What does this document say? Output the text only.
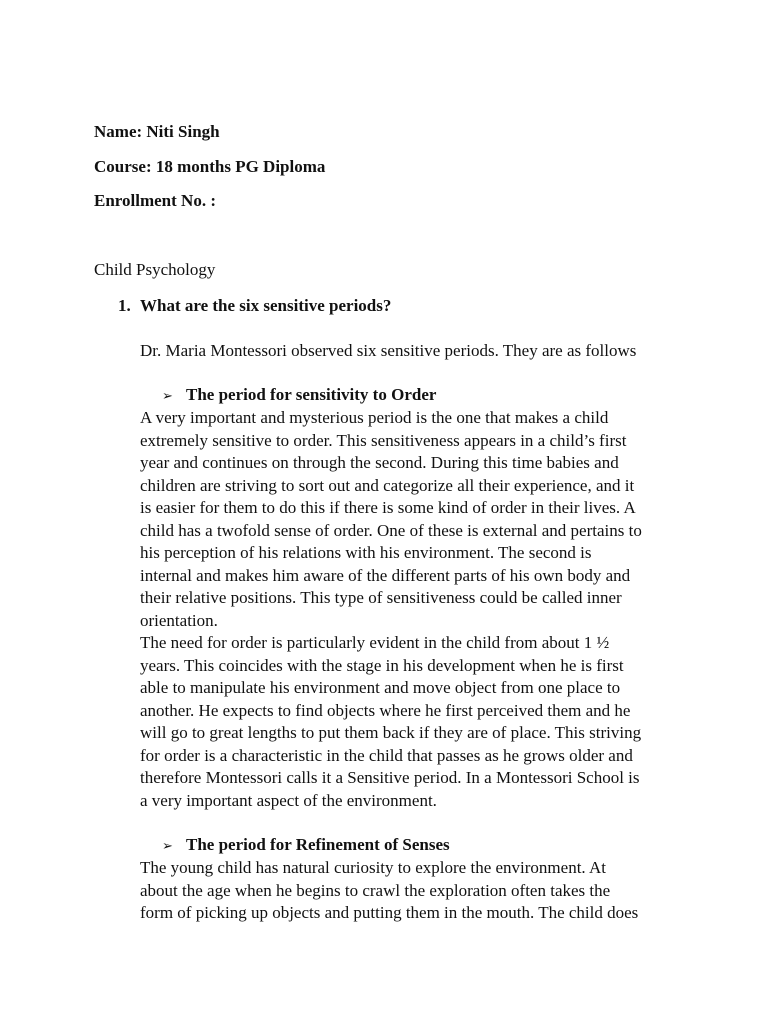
Name: Niti Singh
Course: 18 months PG Diploma
Enrollment No. :
Child Psychology
1. What are the six sensitive periods?
Dr. Maria Montessori observed six sensitive periods. They are as follows
➢ The period for sensitivity to Order
A very important and mysterious period is the one that makes a child
extremely sensitive to order. This sensitiveness appears in a child’s first
year and continues on through the second. During this time babies and
children are striving to sort out and categorize all their experience, and it
is easier for them to do this if there is some kind of order in their lives. A
child has a twofold sense of order. One of these is external and pertains to
his perception of his relations with his environment. The second is
internal and makes him aware of the different parts of his own body and
their relative positions. This type of sensitiveness could be called inner
orientation.
The need for order is particularly evident in the child from about 1 ½
years. This coincides with the stage in his development when he is first
able to manipulate his environment and move object from one place to
another. He expects to find objects where he first perceived them and he
will go to great lengths to put them back if they are of place. This striving
for order is a characteristic in the child that passes as he grows older and
therefore Montessori calls it a Sensitive period. In a Montessori School is
a very important aspect of the environment.
➢ The period for Refinement of Senses
The young child has natural curiosity to explore the environment. At
about the age when he begins to crawl the exploration often takes the
form of picking up objects and putting them in the mouth. The child does
